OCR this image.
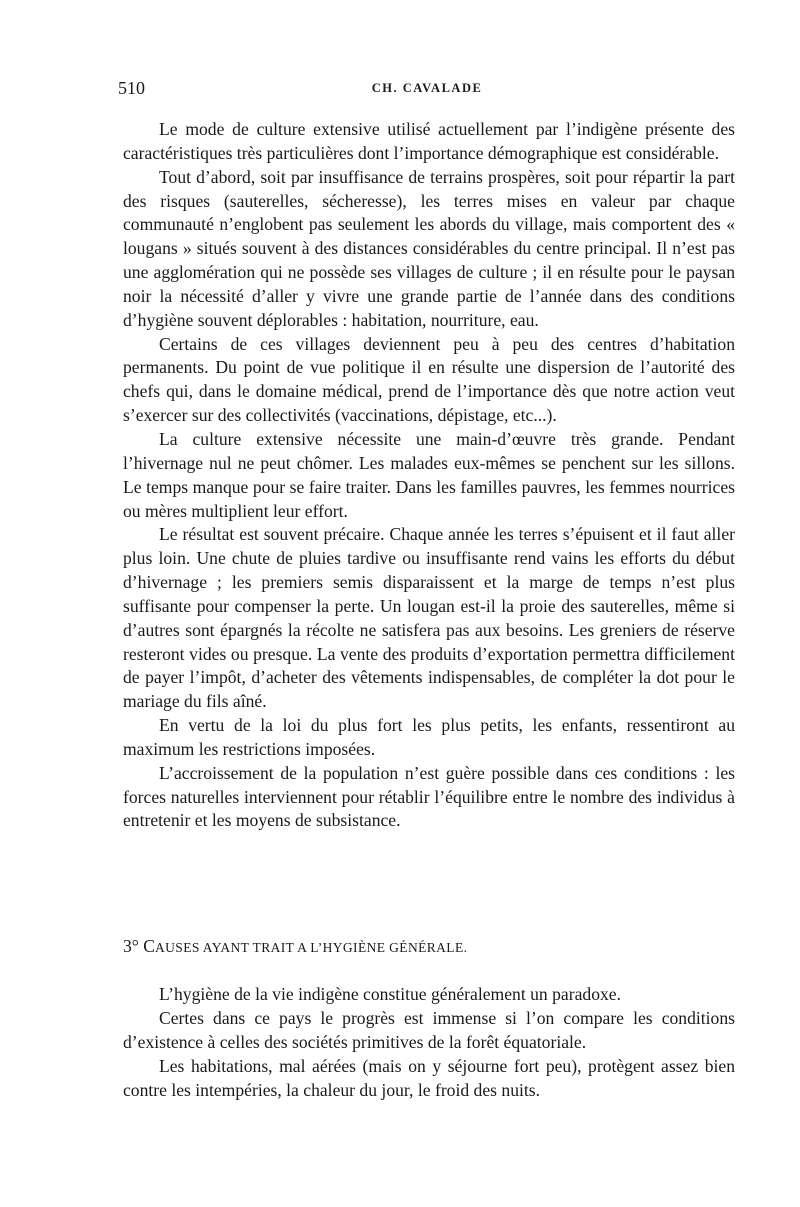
510	CH. CAVALADE

Le mode de culture extensive utilisé actuellement par l’indigène présente des caractéristiques très particulières dont l’importance démographique est considérable.

Tout d’abord, soit par insuffisance de terrains prospères, soit pour répartir la part des risques (sauterelles, sécheresse), les terres mises en valeur par chaque communauté n’englobent pas seulement les abords du village, mais comportent des « lougans » situés souvent à des distances considérables du centre principal. Il n’est pas une agglomération qui ne possède ses villages de culture ; il en résulte pour le paysan noir la nécessité d’aller y vivre une grande partie de l’année dans des conditions d’hygiène souvent déplorables : habitation, nourriture, eau.

Certains de ces villages deviennent peu à peu des centres d’habitation permanents. Du point de vue politique il en résulte une dispersion de l’autorité des chefs qui, dans le domaine médical, prend de l’importance dès que notre action veut s’exercer sur des collectivités (vaccinations, dépistage, etc...).

La culture extensive nécessite une main-d’œuvre très grande. Pendant l’hivernage nul ne peut chômer. Les malades eux-mêmes se penchent sur les sillons. Le temps manque pour se faire traiter. Dans les familles pauvres, les femmes nourrices ou mères multiplient leur effort.

Le résultat est souvent précaire. Chaque année les terres s’épuisent et il faut aller plus loin. Une chute de pluies tardive ou insuffisante rend vains les efforts du début d’hivernage ; les premiers semis disparaissent et la marge de temps n’est plus suffisante pour compenser la perte. Un lougan est-il la proie des sauterelles, même si d’autres sont épargnés la récolte ne satisfera pas aux besoins. Les greniers de réserve resteront vides ou presque. La vente des produits d’exportation permettra difficilement de payer l’impôt, d’acheter des vêtements indispensables, de compléter la dot pour le mariage du fils aîné.

En vertu de la loi du plus fort les plus petits, les enfants, ressentiront au maximum les restrictions imposées.

L’accroissement de la population n’est guère possible dans ces conditions : les forces naturelles interviennent pour rétablir l’équilibre entre le nombre des individus à entretenir et les moyens de subsistance.

3° CAUSES AYANT TRAIT A L’HYGIÈNE GÉNÉRALE.

L’hygiène de la vie indigène constitue généralement un paradoxe.

Certes dans ce pays le progrès est immense si l’on compare les conditions d’existence à celles des sociétés primitives de la forêt équatoriale.

Les habitations, mal aérées (mais on y séjourne fort peu), protègent assez bien contre les intempéries, la chaleur du jour, le froid des nuits.
